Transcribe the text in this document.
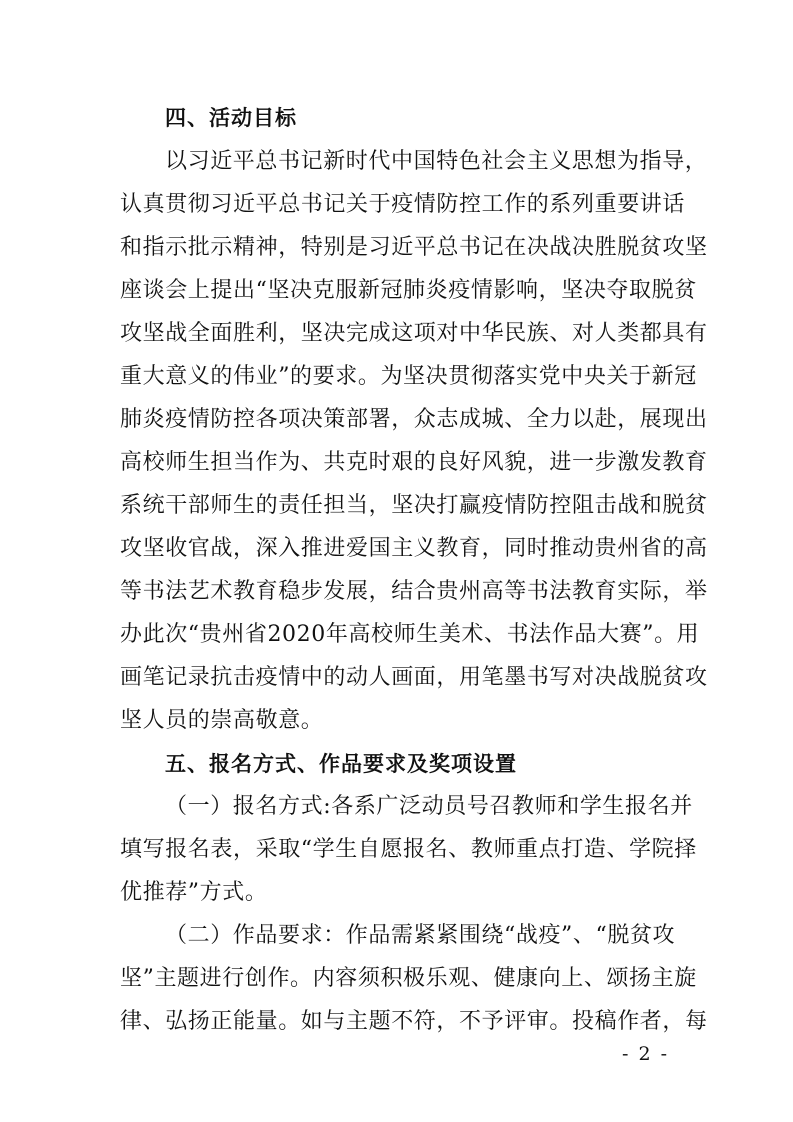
四、活动目标
以习近平总书记新时代中国特色社会主义思想为指导，
认真贯彻习近平总书记关于疫情防控工作的系列重要讲话
和指示批示精神，特别是习近平总书记在决战决胜脱贫攻坚
座谈会上提出“坚决克服新冠肺炎疫情影响，坚决夺取脱贫
攻坚战全面胜利，坚决完成这项对中华民族、对人类都具有
重大意义的伟业”的要求。为坚决贯彻落实党中央关于新冠
肺炎疫情防控各项决策部署，众志成城、全力以赴，展现出
高校师生担当作为、共克时艰的良好风貌，进一步激发教育
系统干部师生的责任担当，坚决打赢疫情防控阻击战和脱贫
攻坚收官战，深入推进爱国主义教育，同时推动贵州省的高
等书法艺术教育稳步发展，结合贵州高等书法教育实际，举
办此次“贵州省2020年高校师生美术、书法作品大赛”。用
画笔记录抗击疫情中的动人画面，用笔墨书写对决战脱贫攻
坚人员的崇高敬意。
五、报名方式、作品要求及奖项设置
（一）报名方式:各系广泛动员号召教师和学生报名并
填写报名表，采取“学生自愿报名、教师重点打造、学院择
优推荐”方式。
（二）作品要求：作品需紧紧围绕“战疫”、“脱贫攻
坚”主题进行创作。内容须积极乐观、健康向上、颂扬主旋
律、弘扬正能量。如与主题不符，不予评审。投稿作者，每
- 2 -
